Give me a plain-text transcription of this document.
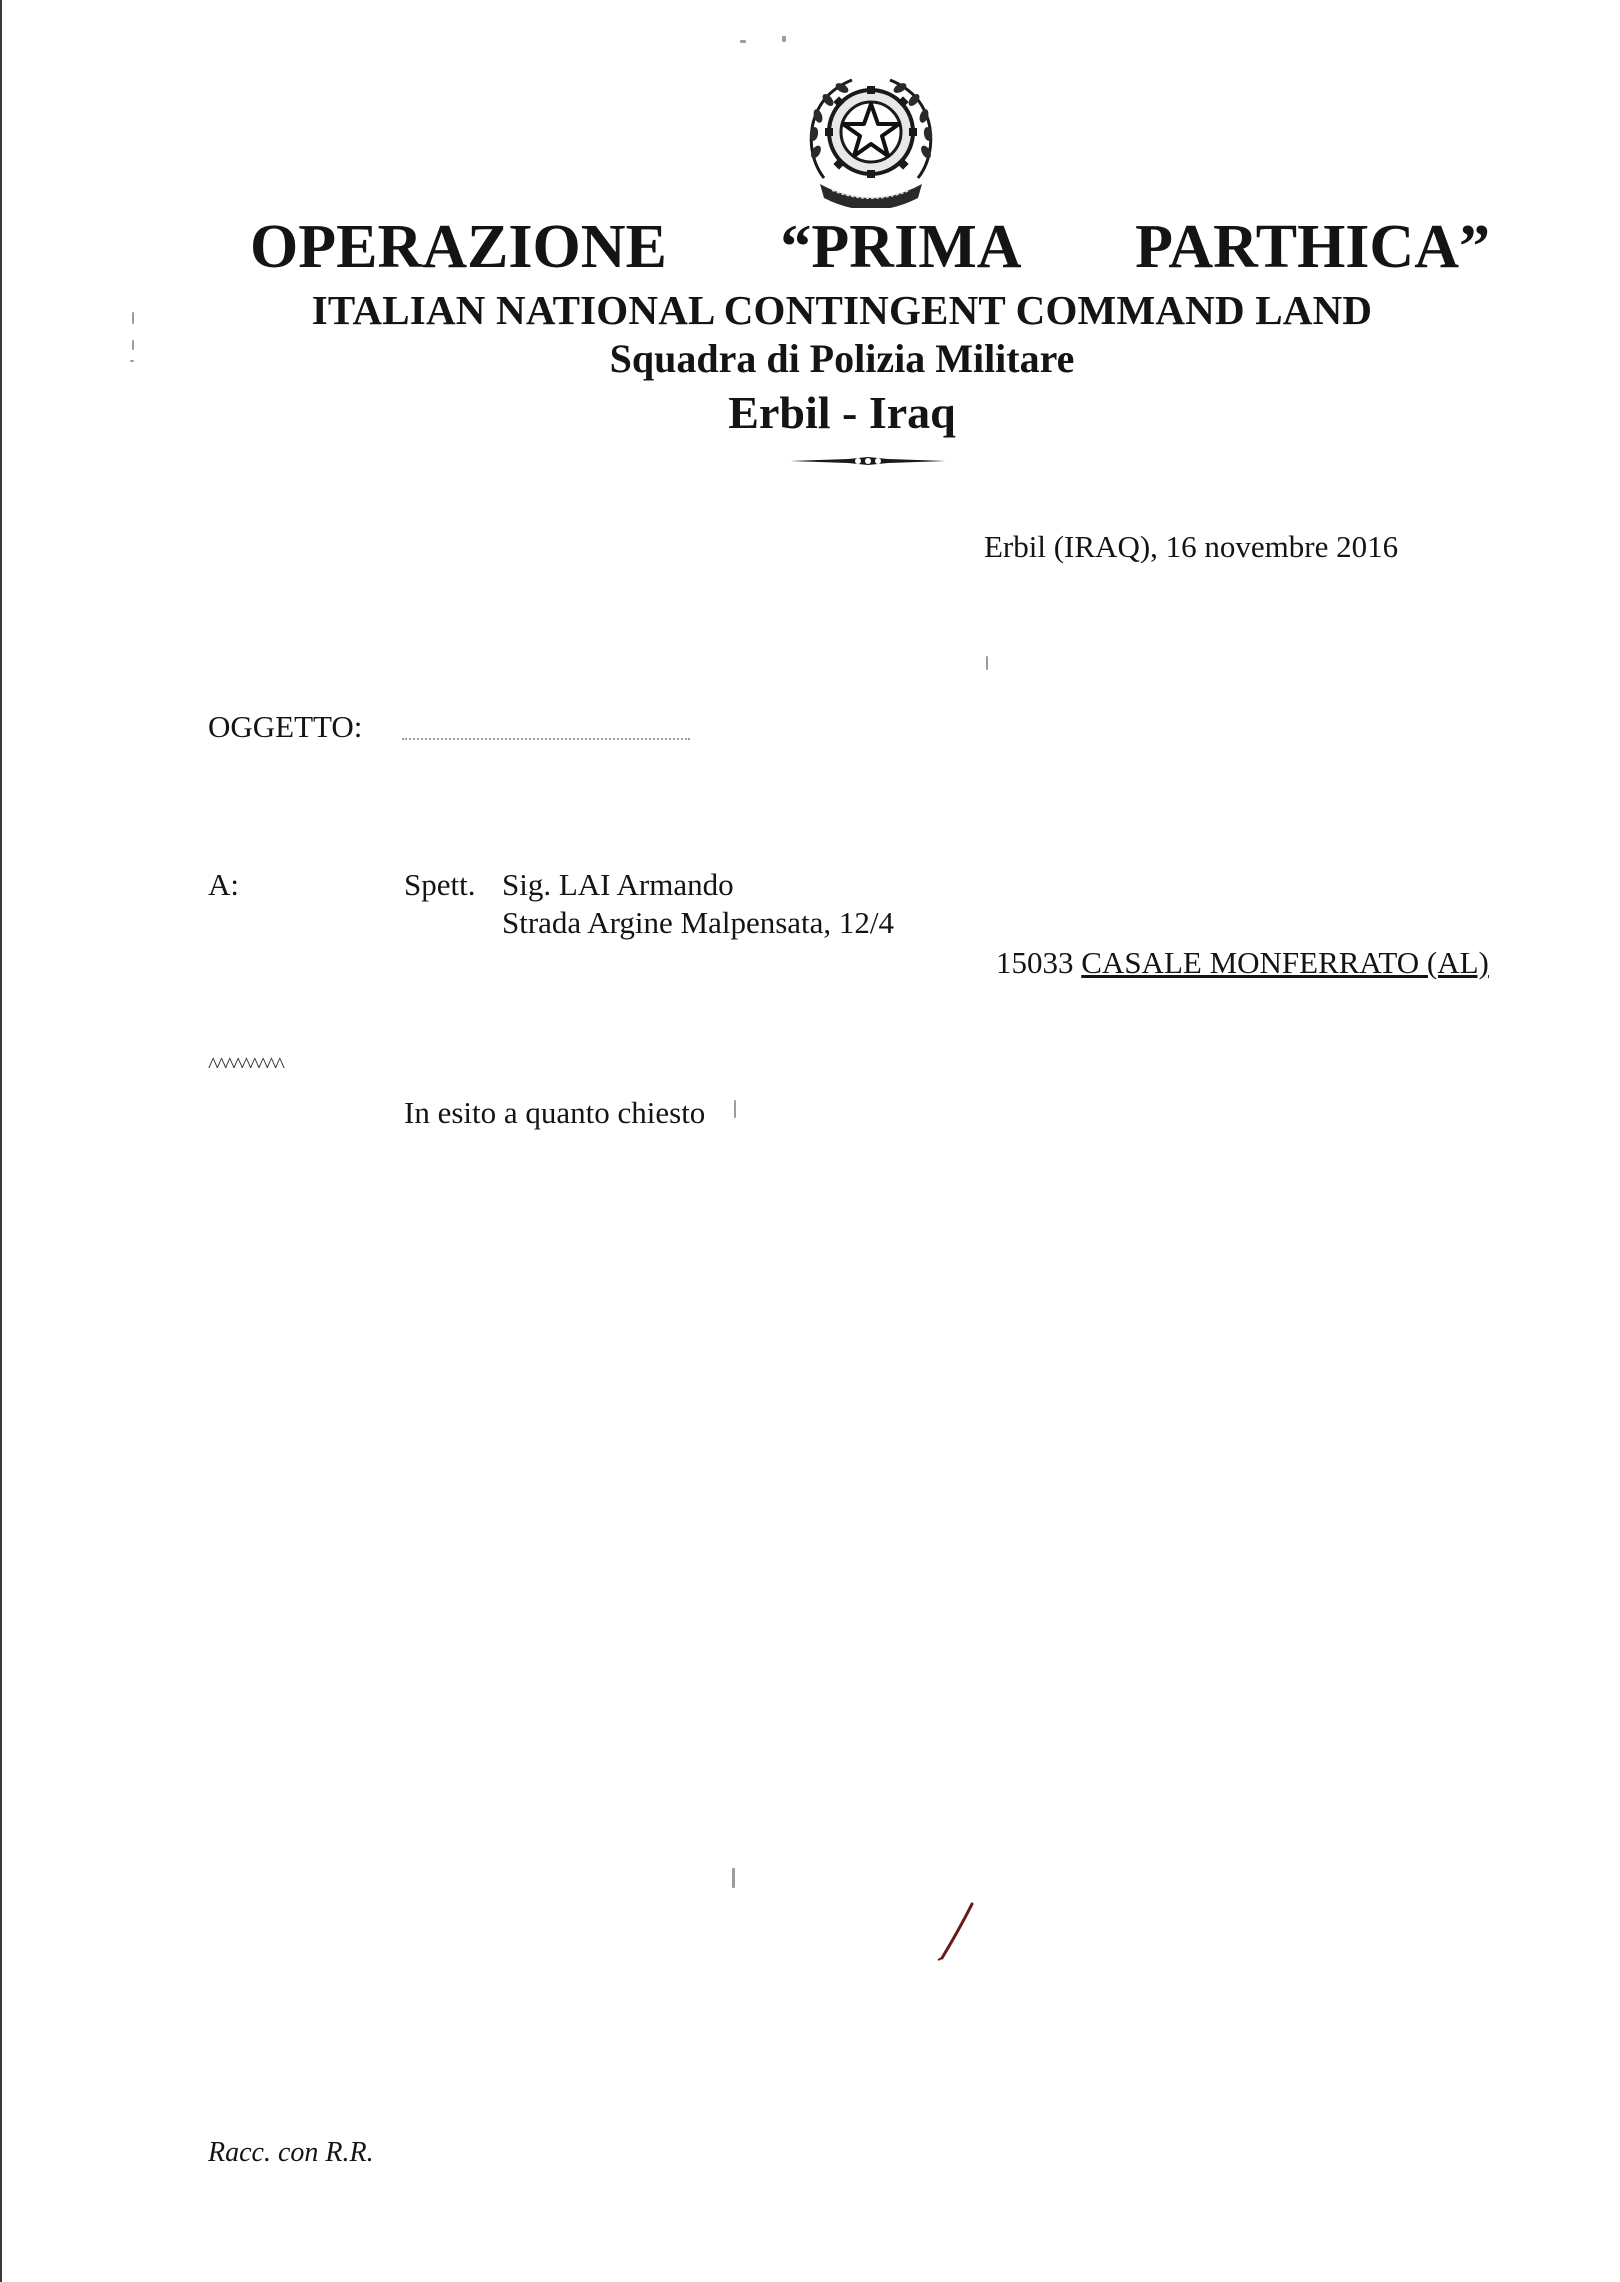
OPERAZIONE “PRIMA PARTHICA”
ITALIAN NATIONAL CONTINGENT COMMAND LAND
Squadra di Polizia Militare
Erbil - Iraq
Erbil (IRAQ), 16 novembre 2016
OGGETTO:
A:	Spett. Sig. LAI Armando
Strada Argine Malpensata, 12/4
15033 CASALE MONFERRATO (AL)
^^^^^^^^^
In esito a quanto chiesto
Racc. con R.R.
